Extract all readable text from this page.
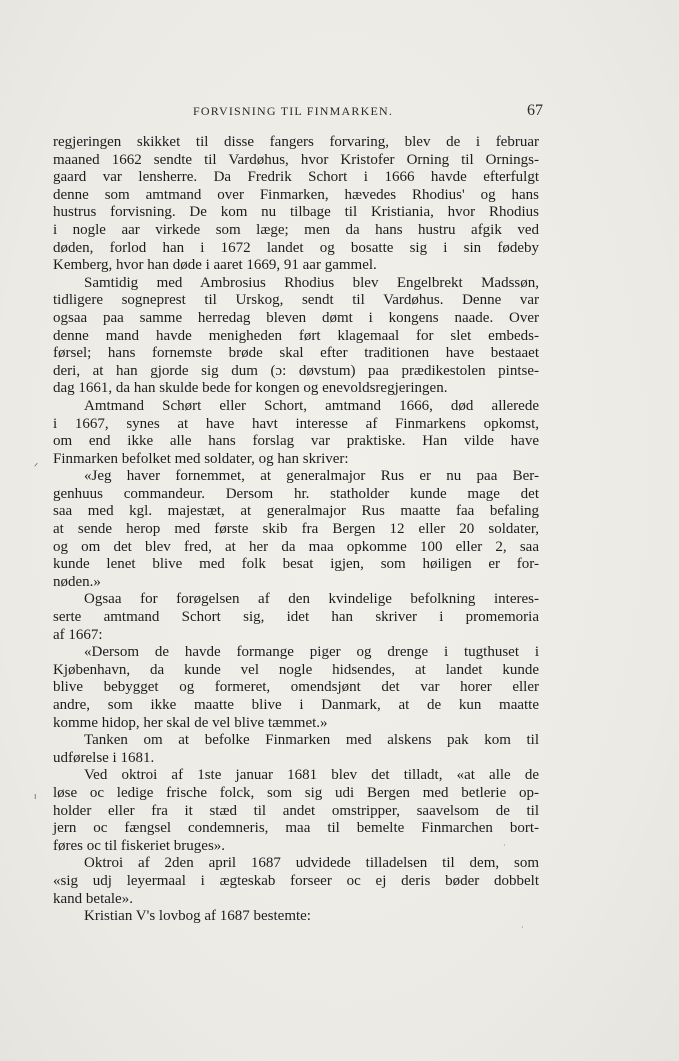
FORVISNING TIL FINMARKEN.	67
regjeringen skikket til disse fangers forvaring, blev de i februar
maaned 1662 sendte til Vardøhus, hvor Kristofer Orning til Ornings-
gaard var lensherre. Da Fredrik Schort i 1666 havde efterfulgt
denne som amtmand over Finmarken, hævedes Rhodius' og hans
hustrus forvisning. De kom nu tilbage til Kristiania, hvor Rhodius
i nogle aar virkede som læge; men da hans hustru afgik ved
døden, forlod han i 1672 landet og bosatte sig i sin fødeby
Kemberg, hvor han døde i aaret 1669, 91 aar gammel.
Samtidig med Ambrosius Rhodius blev Engelbrekt Madssøn,
tidligere sogneprest til Urskog, sendt til Vardøhus. Denne var
ogsaa paa samme herredag bleven dømt i kongens naade. Over
denne mand havde menigheden ført klagemaal for slet embeds-
førsel; hans fornemste brøde skal efter traditionen have bestaaet
deri, at han gjorde sig dum (ɔ: døvstum) paa prædikestolen pintse-
dag 1661, da han skulde bede for kongen og enevoldsregjeringen.
Amtmand Schørt eller Schort, amtmand 1666, død allerede
i 1667, synes at have havt interesse af Finmarkens opkomst,
om end ikke alle hans forslag var praktiske. Han vilde have
Finmarken befolket med soldater, og han skriver:
«Jeg haver fornemmet, at generalmajor Rus er nu paa Ber-
genhuus commandeur. Dersom hr. statholder kunde mage det
saa med kgl. majestæt, at generalmajor Rus maatte faa befaling
at sende herop med første skib fra Bergen 12 eller 20 soldater,
og om det blev fred, at her da maa opkomme 100 eller 2, saa
kunde lenet blive med folk besat igjen, som høiligen er for-
nøden.»
Ogsaa for forøgelsen af den kvindelige befolkning interes-
serte amtmand Schort sig, idet han skriver i promemoria
af 1667:
«Dersom de havde formange piger og drenge i tugthuset i
Kjøbenhavn, da kunde vel nogle hidsendes, at landet kunde
blive bebygget og formeret, omendsjønt det var horer eller
andre, som ikke maatte blive i Danmark, at de kun maatte
komme hidop, her skal de vel blive tæmmet.»
Tanken om at befolke Finmarken med alskens pak kom til
udførelse i 1681.
Ved oktroi af 1ste januar 1681 blev det tilladt, «at alle de
løse oc ledige frische folck, som sig udi Bergen med betlerie op-
holder eller fra it stæd til andet omstripper, saavelsom de til
jern oc fængsel condemneris, maa til bemelte Finmarchen bort-
føres oc til fiskeriet bruges».
Oktroi af 2den april 1687 udvidede tilladelsen til dem, som
«sig udj leyermaal i ægteskab forseer oc ej deris bøder dobbelt
kand betale».
Kristian V's lovbog af 1687 bestemte:
ᐟ
ᑊ
·
·
